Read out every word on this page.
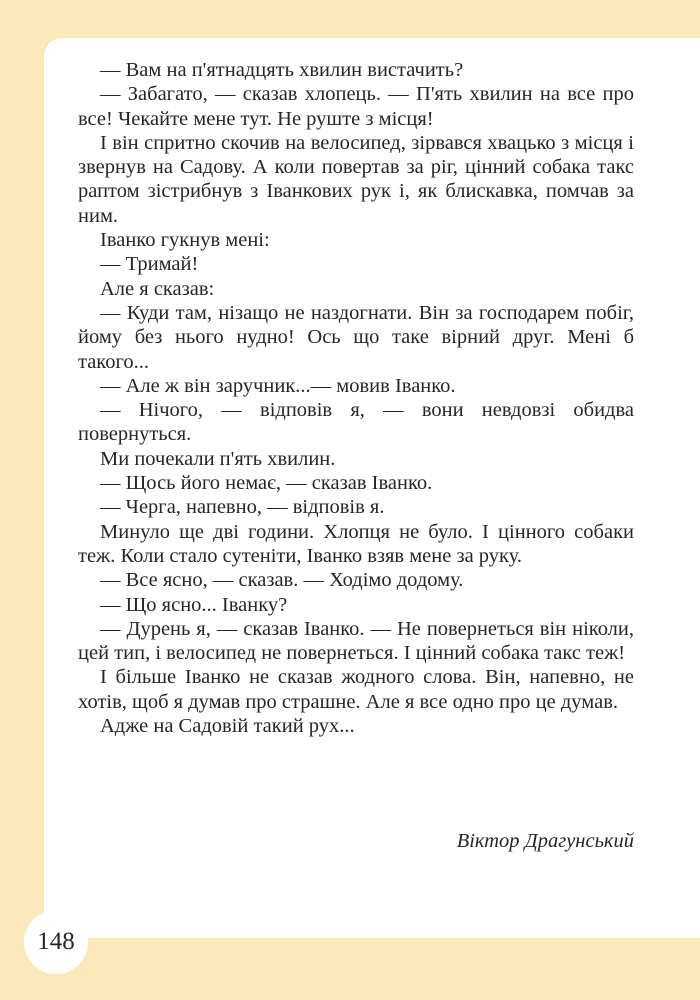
— Вам на п'ятнадцять хвилин вистачить?

— Забагато, — сказав хлопець. — П'ять хвилин на все про все! Чекайте мене тут. Не руште з місця!

І він спритно скочив на велосипед, зірвався хвацько з місця і звернув на Садову. А коли повертав за ріг, цінний собака такс раптом зістрибнув з Іванкових рук і, як блискавка, помчав за ним.

Іванко гукнув мені:

— Тримай!

Але я сказав:

— Куди там, нізащо не наздогнати. Він за господарем побіг, йому без нього нудно! Ось що таке вірний друг. Мені б такого...

— Але ж він заручник...— мовив Іванко.

— Нічого, — відповів я, — вони невдовзі обидва повернуться.

Ми почекали п'ять хвилин.

— Щось його немає, — сказав Іванко.

— Черга, напевно, — відповів я.

Минуло ще дві години. Хлопця не було. І цінного собаки теж. Коли стало сутеніти, Іванко взяв мене за руку.

— Все ясно, — сказав. — Ходімо додому.

— Що ясно... Іванку?

— Дурень я, — сказав Іванко. — Не повернеться він ніколи, цей тип, і велосипед не повернеться. І цінний собака такс теж!

І більше Іванко не сказав жодного слова. Він, напевно, не хотів, щоб я думав про страшне. Але я все одно про це думав.

Адже на Садовій такий рух...

Віктор Драгунський
148
